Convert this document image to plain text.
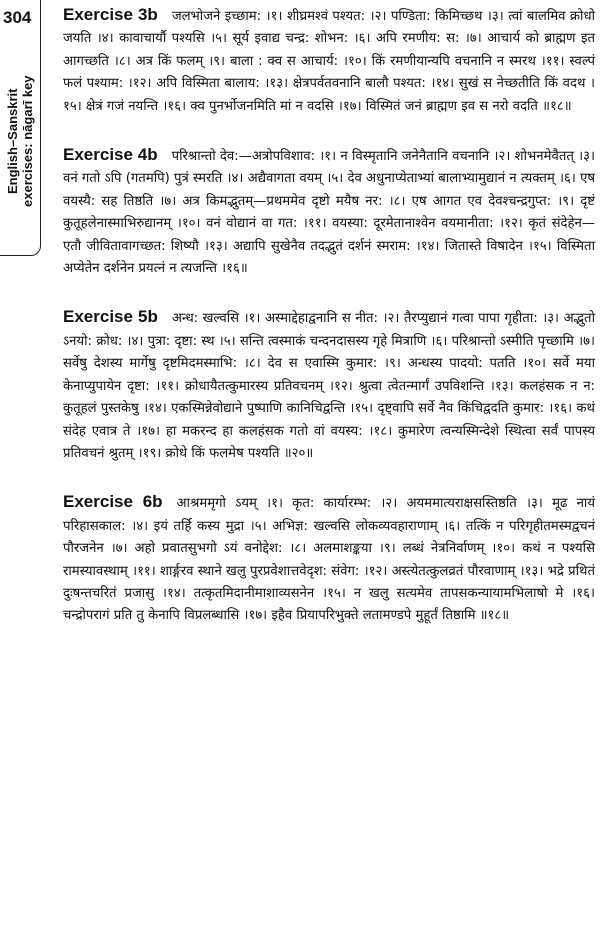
304
English–Sanskrit exercises: nāgarī key

Exercise 3b जलभोजने इच्छाम: ।१। शीघ्रमश्वं पश्यत: ।२। पण्डिता: किमिच्छथ ।३। त्वां बालमिव क्रोधो जयति ।४। कावाचार्यौ पश्यसि ।५। सूर्य इवाद्य चन्द्र: शोभन: ।६। अपि रमणीय: स: ।७। आचार्य को ब्राह्मण इत आगच्छति ।८। अत्र किं फलम् ।९। बाला : क्व स आचार्य: ।१०। किं रमणीयान्यपि वचनानि न स्मरथ ।११। स्वल्पं फलं पश्याम: ।१२। अपि विस्मिता बालाय: ।१३। क्षेत्रपर्वतवनानि बालौ पश्यत: ।१४। सुखं स नेच्छतीति किं वदथ ।१५। क्षेत्रं गजं नयन्ति ।१६। क्व पुनर्भोजनमिति मां न वदसि ।१७। विस्मितं जनं ब्राह्मण इव स नरो वदति ॥१८॥

Exercise 4b परिश्रान्तो देव:—अत्रोपविशाव: ।१। न विस्मृतानि जनेनैतानि वचनानि ।२। शोभनमेवैतत् ।३। वनं गतो ऽपि (गतमपि) पुत्रं स्मरति ।४। अद्यैवागता वयम् ।५। देव अधुनाप्येताभ्यां बालाभ्यामुद्यानं न त्यक्तम् ।६। एष वयस्यै: सह तिष्ठति ।७। अत्र किमद्भुतम्—प्रथममेव दृष्टो मयैष नर: ।८। एष आगत एव देवश्चन्द्रगुप्त: ।९। दृष्टं कुतूहलेनास्माभिरुद्यानम् ।१०। वनं वोद्यानं वा गत: ।११। वयस्या: दूरमेतानाश्वेन वयमानीता: ।१२। कृतं संदेहेन—एतौ जीवितावागच्छत: शिष्यौ ।१३। अद्यापि सुखेनैव तदद्भुतं दर्शनं स्मराम: ।१४। जितास्ते विषादेन ।१५। विस्मिता अप्येतेन दर्शनेन प्रयत्नं न त्यजन्ति ।१६॥

Exercise 5b अन्ध: खल्वसि ।१। अस्माद्देहाद्वनानि स नीत: ।२। तैरप्युद्यानं गत्वा पापा गृहीता: ।३। अद्भुतो ऽनयो: क्रोध: ।४। पुत्रा: दृष्टा: स्थ ।५। सन्ति त्वस्माकं चन्दनदासस्य गृहे मित्राणि ।६। परिश्रान्तो ऽस्मीति पृच्छामि ।७। सर्वेषु देशस्य मार्गेषु दृष्टमिदमस्माभि: ।८। देव स एवास्मि कुमार: ।९। अन्धस्य पादयो: पतति ।१०। सर्वे मया केनाप्युपायेन दृष्टा: ।११। क्रोधायैतत्कुमारस्य प्रतिवचनम् ।१२। श्रुत्वा त्वेतन्मार्गं उपविशन्ति ।१३। कलहंसक न न: कुतूहलं पुस्तकेषु ।१४। एकस्मिन्नेवोद्याने पुष्पाणि कानिचिद्वन्ति ।१५। दृष्ट्वापि सर्वे नैव किंचिद्वदति कुमार: ।१६। कथं संदेह एवात्र ते ।१७। हा मकरन्द हा कलहंसक गतो वां वयस्य: ।१८। कुमारेण त्वन्यस्मिन्देशे स्थित्वा सर्वं पापस्य प्रतिवचनं श्रुतम् ।१९। क्रोधे किं फलमेष पश्यति ॥२०॥

Exercise 6b आश्रममृगो ऽयम् ।१। कृत: कार्यारम्भ: ।२। अयममात्यराक्षसस्तिष्ठति ।३। मूढ नायं परिहासकाल: ।४। इयं तर्हि कस्य मुद्रा ।५। अभिज्ञ: खल्वसि लोकव्यवहाराणाम् ।६। तत्किं न परिगृहीतमस्मद्वचनं पौरजनेन ।७। अहो प्रवातसुभगो ऽयं वनोद्देश: ।८। अलमाशङ्कया ।९। लब्धं नेत्रनिर्वाणम् ।१०। कथं न पश्यसि रामस्यावस्थाम् ।११। शार्ङ्गरव स्थाने खलु पुरप्रवेशात्तवेदृश: संवेग: ।१२। अस्त्येतत्कुलव्रतं पौरवाणाम् ।१३। भद्रे प्रथितं दुःषन्तचरितं प्रजासु ।१४। तत्कृतमिदानीमाशाव्यसनेन ।१५। न खलु सत्यमेव तापसकन्यायामभिलाषो मे ।१६। चन्द्रोपरागं प्रति तु केनापि विप्रलब्धासि ।१७। इहैव प्रियापरिभुक्ते लतामण्डपे मुहूर्तं तिष्ठामि ॥१८॥
